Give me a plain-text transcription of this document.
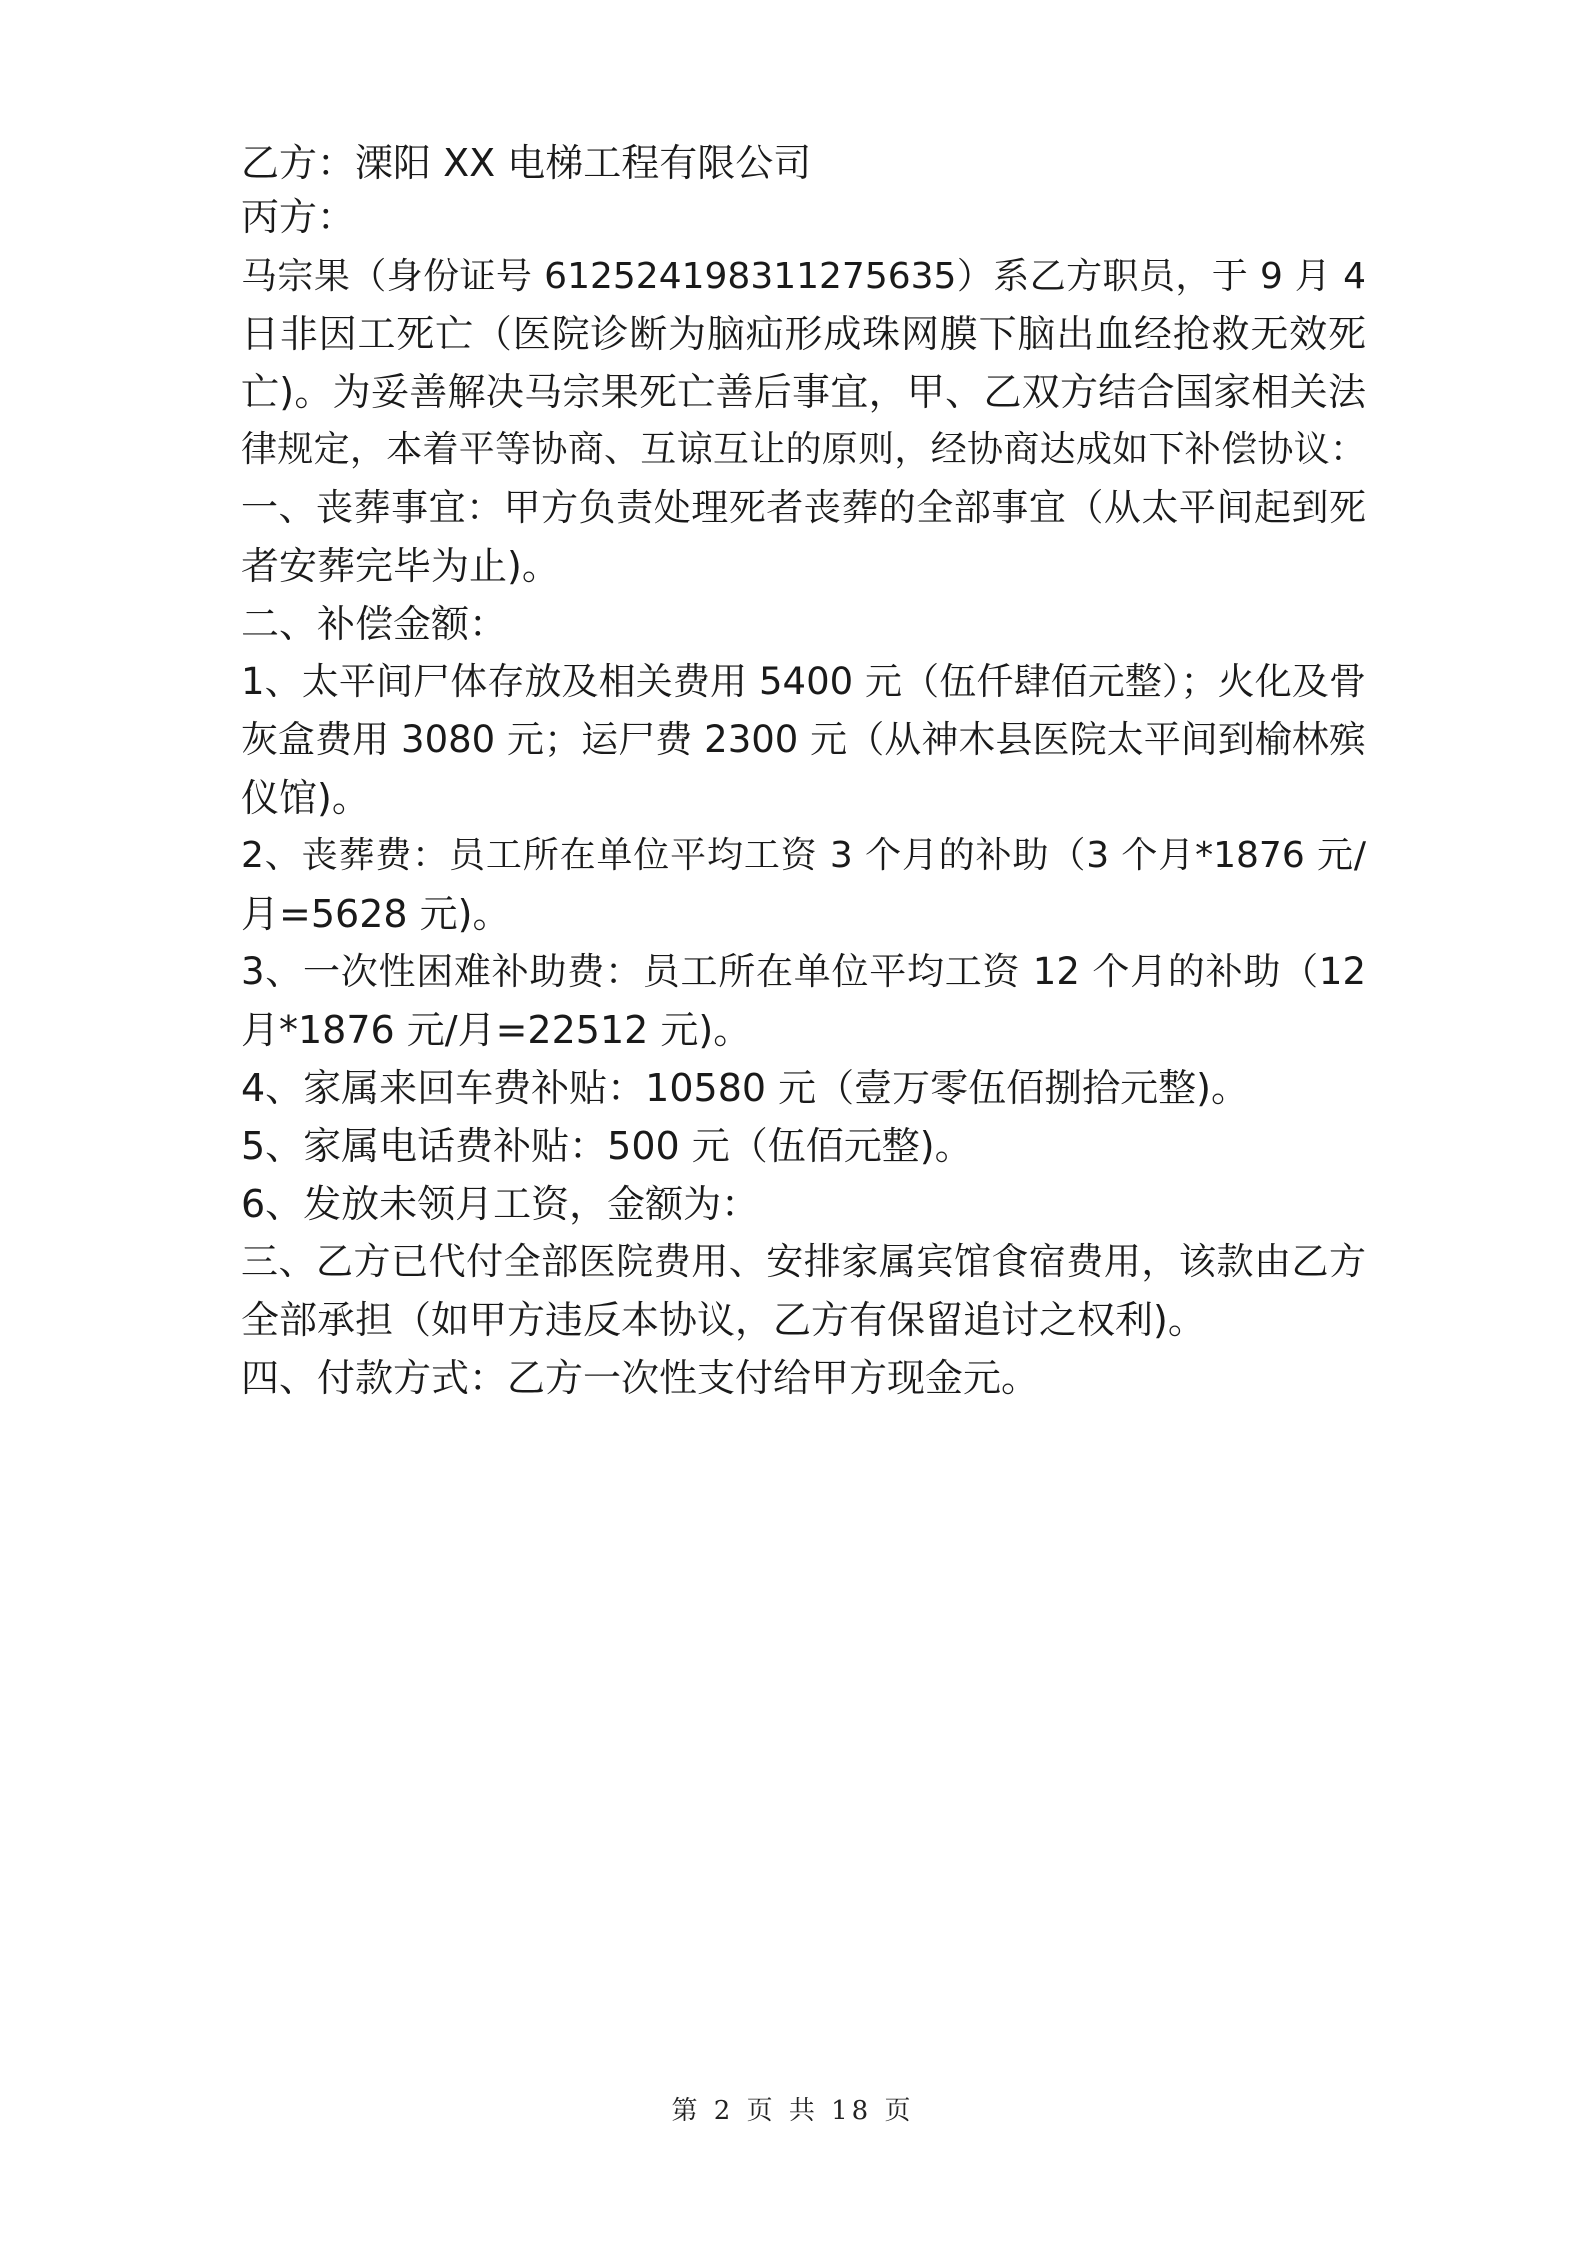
乙方：溧阳 XX 电梯工程有限公司
丙方：
马宗果（身份证号 612524198311275635）系乙方职员，于 9 月 4
日非因工死亡（医院诊断为脑疝形成珠网膜下脑出血经抢救无效死
亡)。为妥善解决马宗果死亡善后事宜，甲、乙双方结合国家相关法
律规定，本着平等协商、互谅互让的原则，经协商达成如下补偿协议：
一、丧葬事宜：甲方负责处理死者丧葬的全部事宜（从太平间起到死
者安葬完毕为止)。
二、补偿金额：
1、太平间尸体存放及相关费用 5400 元（伍仟肆佰元整）；火化及骨
灰盒费用 3080 元；运尸费 2300 元（从神木县医院太平间到榆林殡
仪馆)。
2、丧葬费：员工所在单位平均工资 3 个月的补助（3 个月*1876 元/
月=5628 元)。
3、一次性困难补助费：员工所在单位平均工资 12 个月的补助（12
月*1876 元/月=22512 元)。
4、家属来回车费补贴：10580 元（壹万零伍佰捌拾元整)。
5、家属电话费补贴：500 元（伍佰元整)。
6、发放未领月工资，金额为：
三、乙方已代付全部医院费用、安排家属宾馆食宿费用，该款由乙方
全部承担（如甲方违反本协议，乙方有保留追讨之权利)。
四、付款方式：乙方一次性支付给甲方现金元。
第 2 页 共 18 页
